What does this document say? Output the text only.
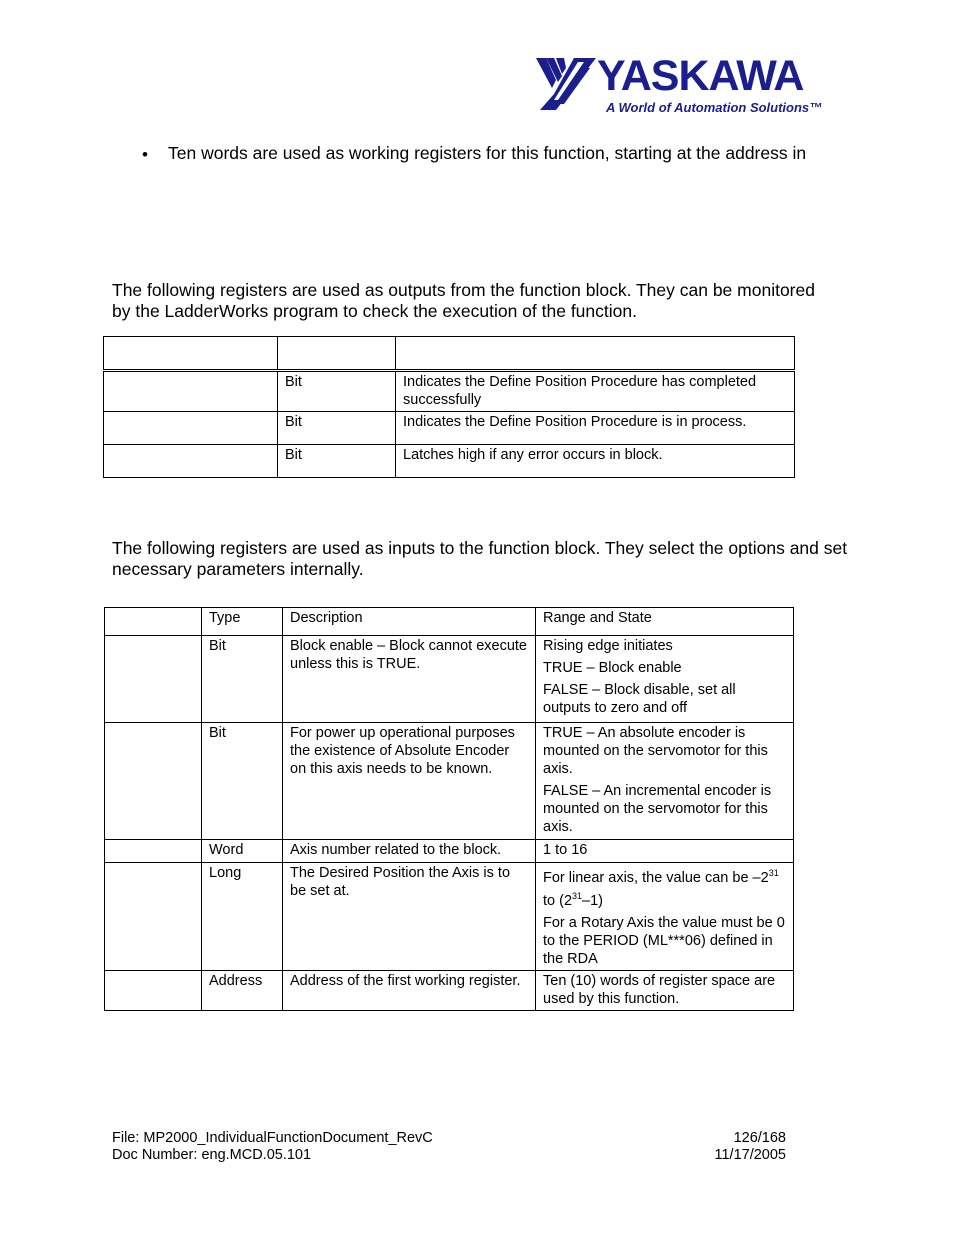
YASKAWA
A World of Automation Solutions™
• Ten words are used as working registers for this function, starting at the address in
The following registers are used as outputs from the function block. They can be monitored by the LadderWorks program to check the execution of the function.

	Bit	Indicates the Define Position Procedure has completed successfully
	Bit	Indicates the Define Position Procedure is in process.
	Bit	Latches high if any error occurs in block.
The following registers are used as inputs to the function block. They select the options and set necessary parameters internally.
	Type	Description	Range and State
	Bit	Block enable – Block cannot execute unless this is TRUE.	Rising edge initiates

TRUE – Block enable

FALSE – Block disable, set all outputs to zero and off

	Bit	For power up operational purposes the existence of Absolute Encoder on this axis needs to be known.	TRUE – An absolute encoder is mounted on the servomotor for this axis.

FALSE – An incremental encoder is mounted on the servomotor for this axis.

	Word	Axis number related to the block.	1 to 16

	Long	The Desired Position the Axis is to be set at.	For linear axis, the value can be $-2^{31}$ to $(2^{31}-1)$

For a Rotary Axis the value must be 0 to the PERIOD (ML***06) defined in the RDA

	Address	Address of the first working register.	Ten (10) words of register space are used by this function.

File: MP2000_IndividualFunctionDocument_RevC
Doc Number: eng.MCD.05.101
126/168
11/17/2005
